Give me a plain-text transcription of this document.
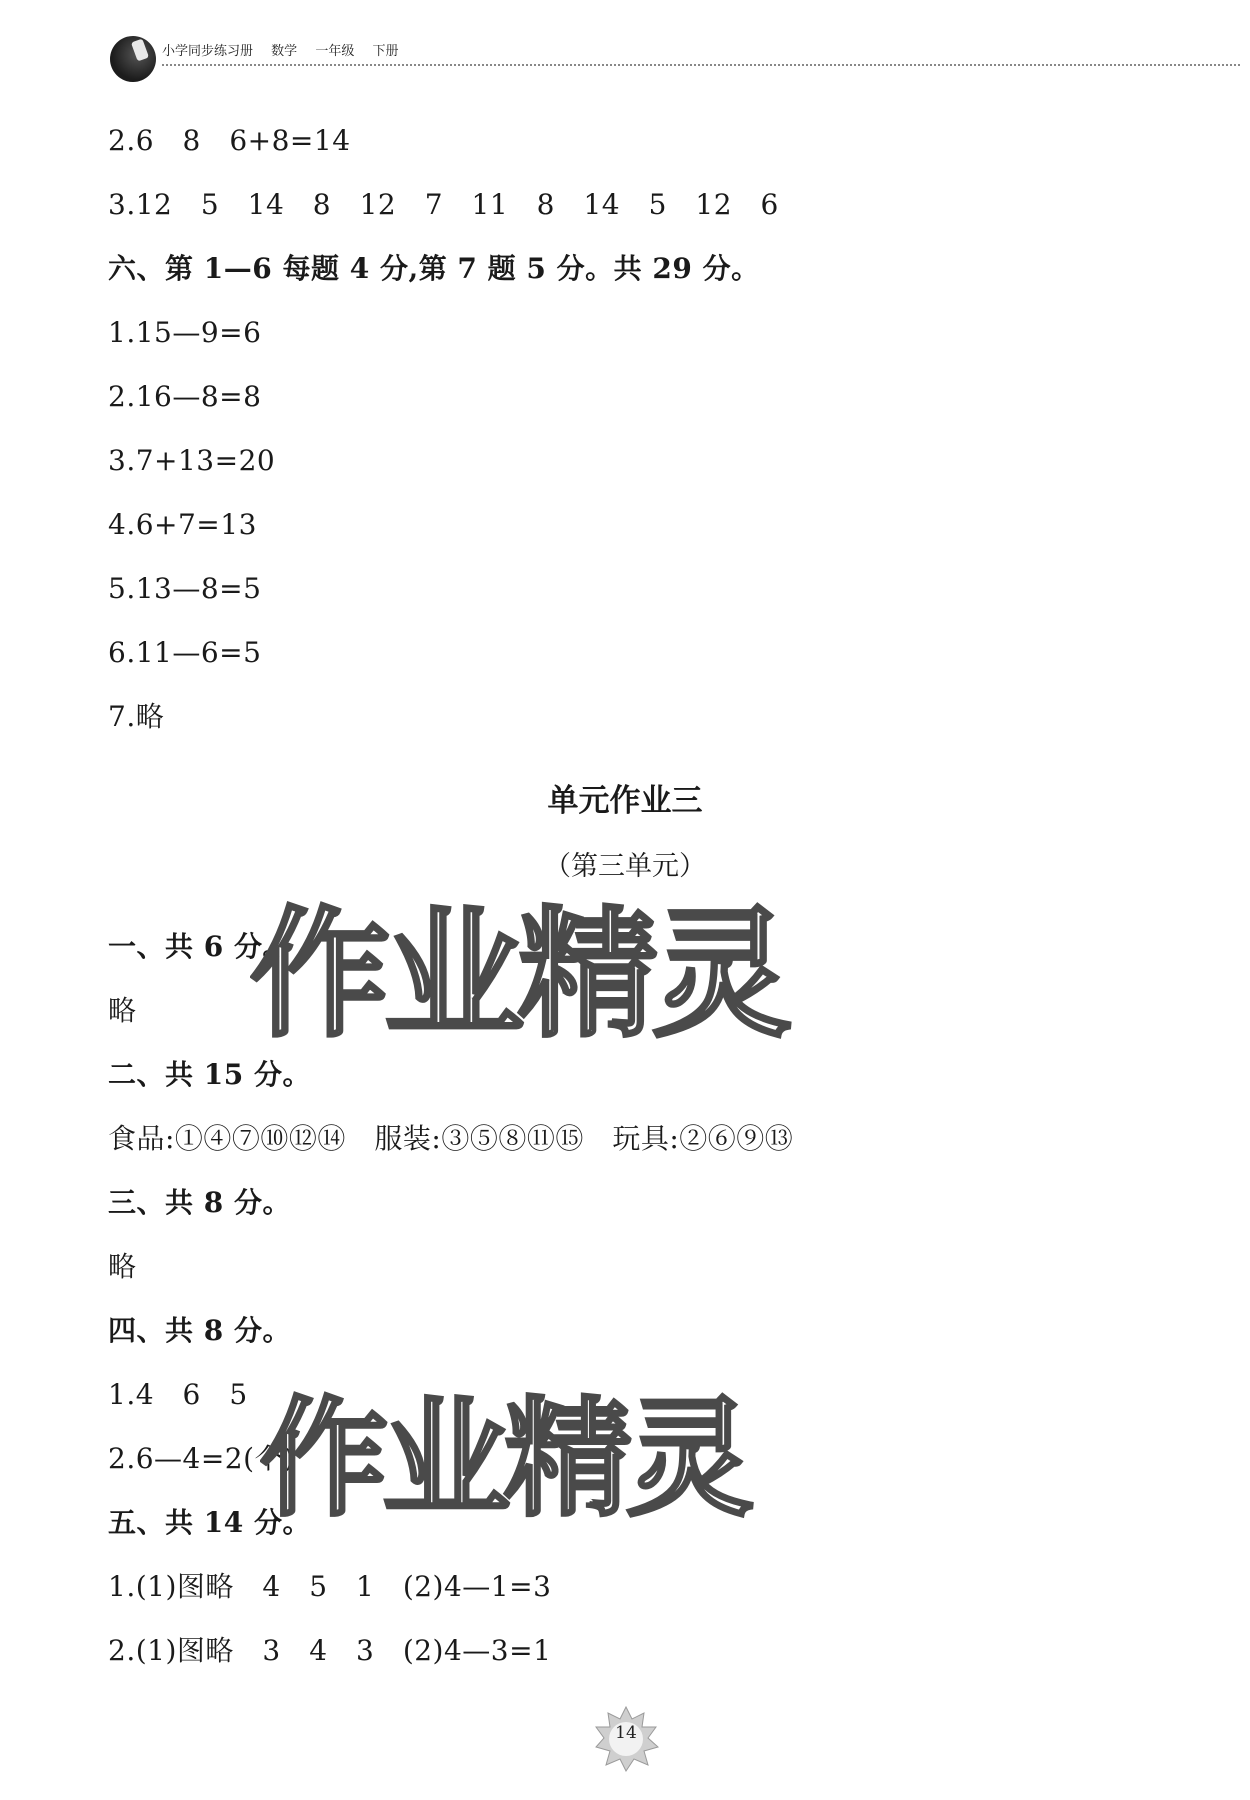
小学同步练习册 数学 一年级 下册
2.6　8　6+8=14
3.12　5　14　8　12　7　11　8　14　5　12　6
六、第 1—6 每题 4 分,第 7 题 5 分。共 29 分。
1.15—9=6
2.16—8=8
3.7+13=20
4.6+7=13
5.13—8=5
6.11—6=5
7.略
单元作业三
（第三单元）
一、共 6 分。
略
二、共 15 分。
食品:①④⑦⑩⑫⑭　服装:③⑤⑧⑪⑮　玩具:②⑥⑨⑬
三、共 8 分。
略
四、共 8 分。
1.4　6　5
2.6—4=2(个)
五、共 14 分。
1.(1)图略　4　5　1　(2)4—1=3
2.(1)图略　3　4　3　(2)4—3=1
作业精灵
作业精灵
14
